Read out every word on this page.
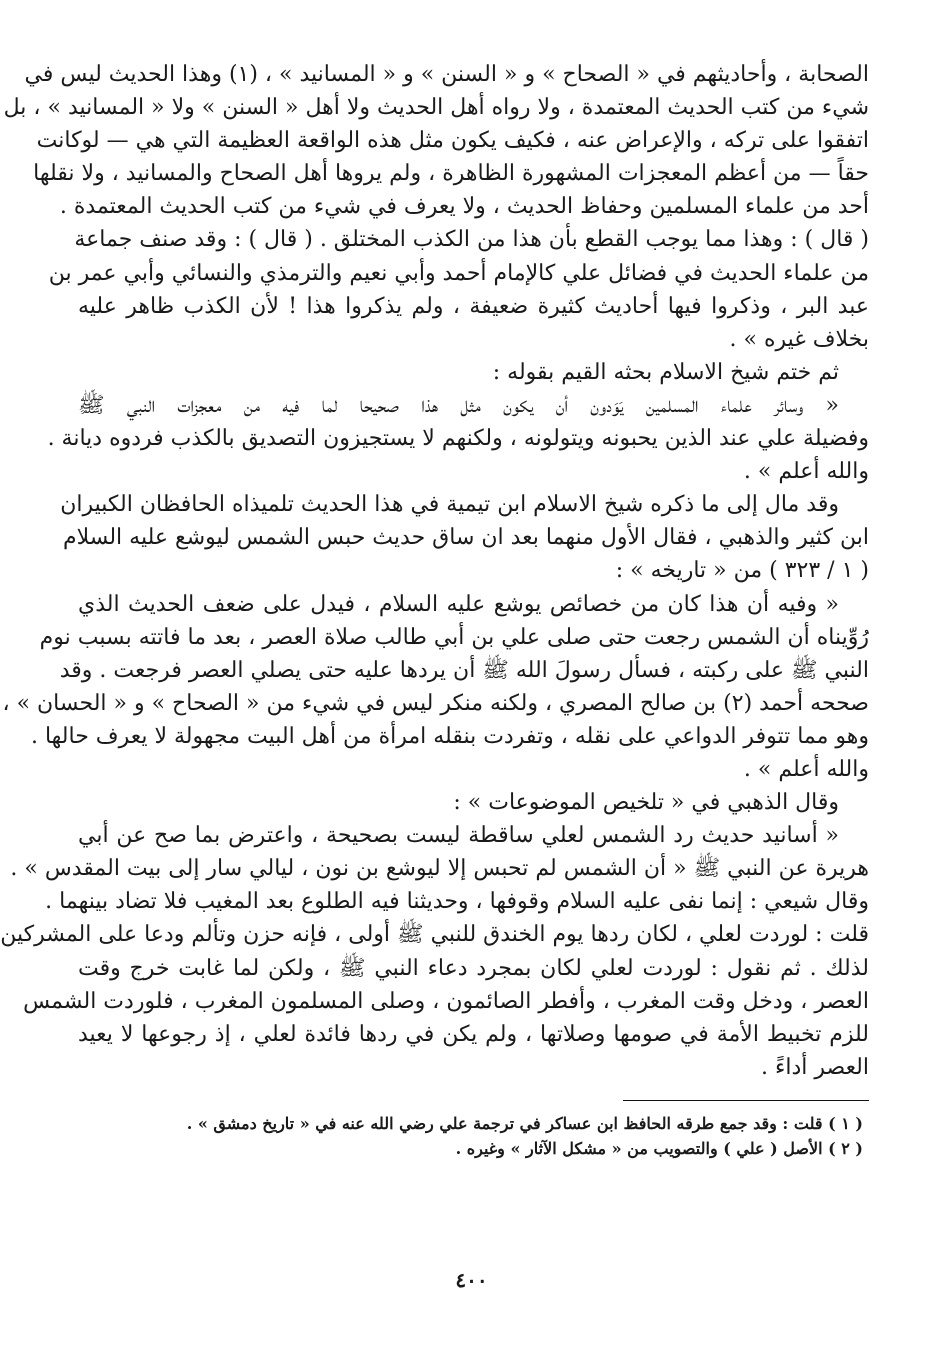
الصحابة ، وأحاديثهم في « الصحاح » و « السنن » و « المسانيد » ، (١) وهذا الحديث ليس في
شيء من كتب الحديث المعتمدة ، ولا رواه أهل الحديث ولا أهل « السنن » ولا « المسانيد » ، بل
اتفقوا على تركه ، والإعراض عنه ، فكيف يكون مثل هذه الواقعة العظيمة التي هي — لوكانت
حقاً — من أعظم المعجزات المشهورة الظاهرة ، ولم يروها أهل الصحاح والمسانيد ، ولا نقلها
أحد من علماء المسلمين وحفاظ الحديث ، ولا يعرف في شيء من كتب الحديث المعتمدة .
( قال ) : وهذا مما يوجب القطع بأن هذا من الكذب المختلق . ( قال ) : وقد صنف جماعة
من علماء الحديث في فضائل علي كالإمام أحمد وأبي نعيم والترمذي والنسائي وأبي عمر بن
عبد البر ، وذكروا فيها أحاديث كثيرة ضعيفة ، ولم يذكروا هذا ! لأن الكذب ظاهر عليه
بخلاف غيره » .
ثم ختم شيخ الاسلام بحثه القيم بقوله :
« وسائر علماء المسلمين يَوَدون أن يكون مثل هذا صحيحا لما فيه من معجزات النبي ﷺ
وفضيلة علي عند الذين يحبونه ويتولونه ، ولكنهم لا يستجيزون التصديق بالكذب فردوه ديانة .
والله أعلم » .
وقد مال إلى ما ذكره شيخ الاسلام ابن تيمية في هذا الحديث تلميذاه الحافظان الكبيران
ابن كثير والذهبي ، فقال الأول منهما بعد ان ساق حديث حبس الشمس ليوشع عليه السلام
( ١ / ٣٢٣ ) من « تاريخه » :
« وفيه أن هذا كان من خصائص يوشع عليه السلام ، فيدل على ضعف الحديث الذي
رُوِّيناه أن الشمس رجعت حتى صلى علي بن أبي طالب صلاة العصر ، بعد ما فاتته بسبب نوم
النبي ﷺ على ركبته ، فسأل رسولَ الله ﷺ أن يردها عليه حتى يصلي العصر فرجعت . وقد
صححه أحمد (٢) بن صالح المصري ، ولكنه منكر ليس في شيء من « الصحاح » و « الحسان » ،
وهو مما تتوفر الدواعي على نقله ، وتفردت بنقله امرأة من أهل البيت مجهولة لا يعرف حالها .
والله أعلم » .
وقال الذهبي في « تلخيص الموضوعات » :
« أسانيد حديث رد الشمس لعلي ساقطة ليست بصحيحة ، واعترض بما صح عن أبي
هريرة عن النبي ﷺ « أن الشمس لم تحبس إلا ليوشع بن نون ، ليالي سار إلى بيت المقدس » .
وقال شيعي : إنما نفى عليه السلام وقوفها ، وحديثنا فيه الطلوع بعد المغيب فلا تضاد بينهما .
قلت : لوردت لعلي ، لكان ردها يوم الخندق للنبي ﷺ أولى ، فإنه حزن وتألم ودعا على المشركين
لذلك . ثم نقول : لوردت لعلي لكان بمجرد دعاء النبي ﷺ ، ولكن لما غابت خرج وقت
العصر ، ودخل وقت المغرب ، وأفطر الصائمون ، وصلى المسلمون المغرب ، فلوردت الشمس
للزم تخبيط الأمة في صومها وصلاتها ، ولم يكن في ردها فائدة لعلي ، إذ رجوعها لا يعيد
العصر أداءً .
( ١ ) قلت : وقد جمع طرقه الحافظ ابن عساكر في ترجمة علي رضي الله عنه في « تاريخ دمشق » .
( ٢ ) الأصل ( علي ) والتصويب من « مشكل الآثار » وغيره .
٤٠٠
